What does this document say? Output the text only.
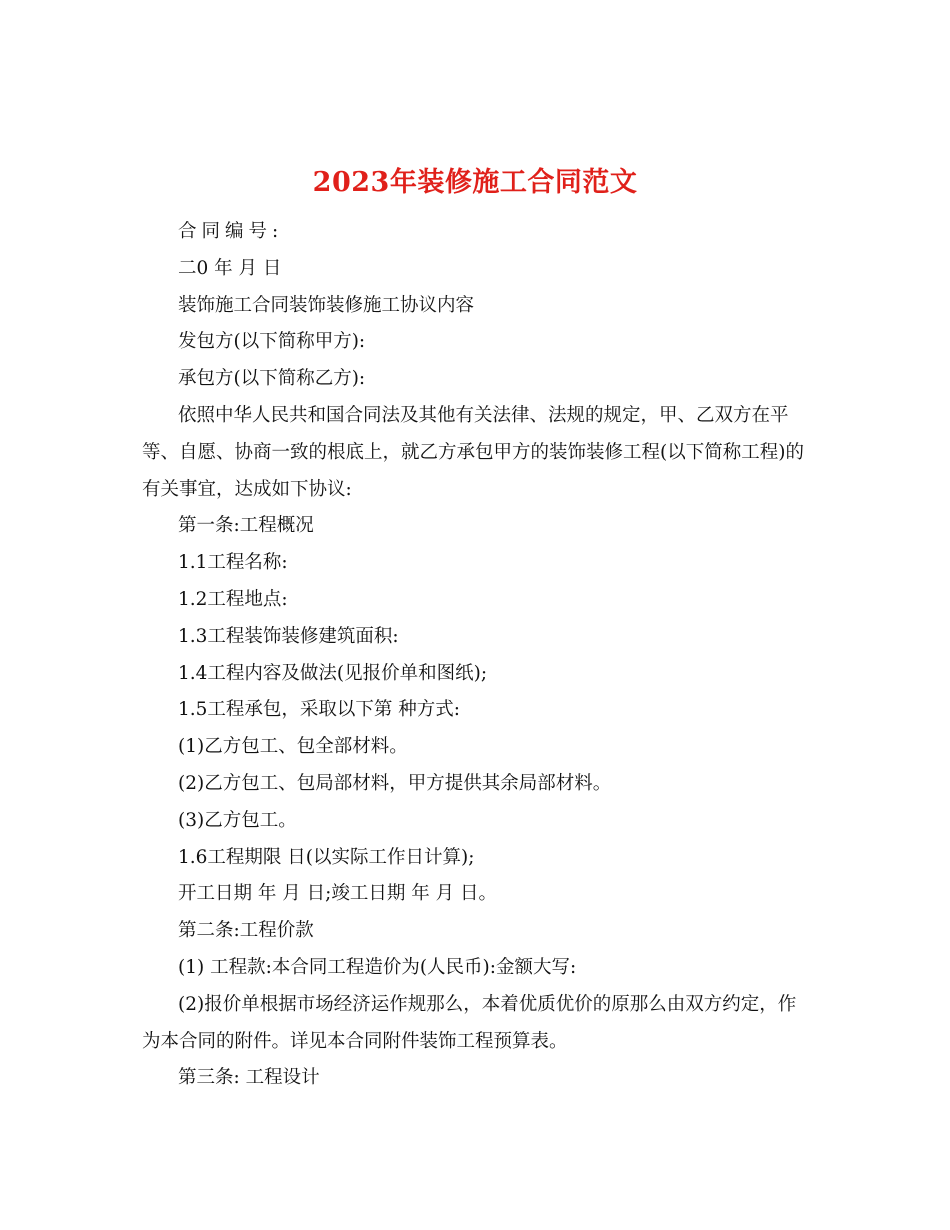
2023年装修施工合同范文

合同编号:

二0 年 月 日

装饰施工合同装饰装修施工协议内容

发包方(以下简称甲方):

承包方(以下简称乙方):

依照中华人民共和国合同法及其他有关法律、法规的规定，甲、乙双方在平等、自愿、协商一致的根底上，就乙方承包甲方的装饰装修工程(以下简称工程)的有关事宜，达成如下协议:

第一条:工程概况

1.1工程名称:

1.2工程地点:

1.3工程装饰装修建筑面积:

1.4工程内容及做法(见报价单和图纸);

1.5工程承包，采取以下第 种方式:

(1)乙方包工、包全部材料。

(2)乙方包工、包局部材料，甲方提供其余局部材料。

(3)乙方包工。

1.6工程期限 日(以实际工作日计算);

开工日期 年 月 日;竣工日期 年 月 日。

第二条:工程价款

(1) 工程款:本合同工程造价为(人民币):金额大写:

(2)报价单根据市场经济运作规那么，本着优质优价的原那么由双方约定，作为本合同的附件。详见本合同附件装饰工程预算表。

第三条: 工程设计
